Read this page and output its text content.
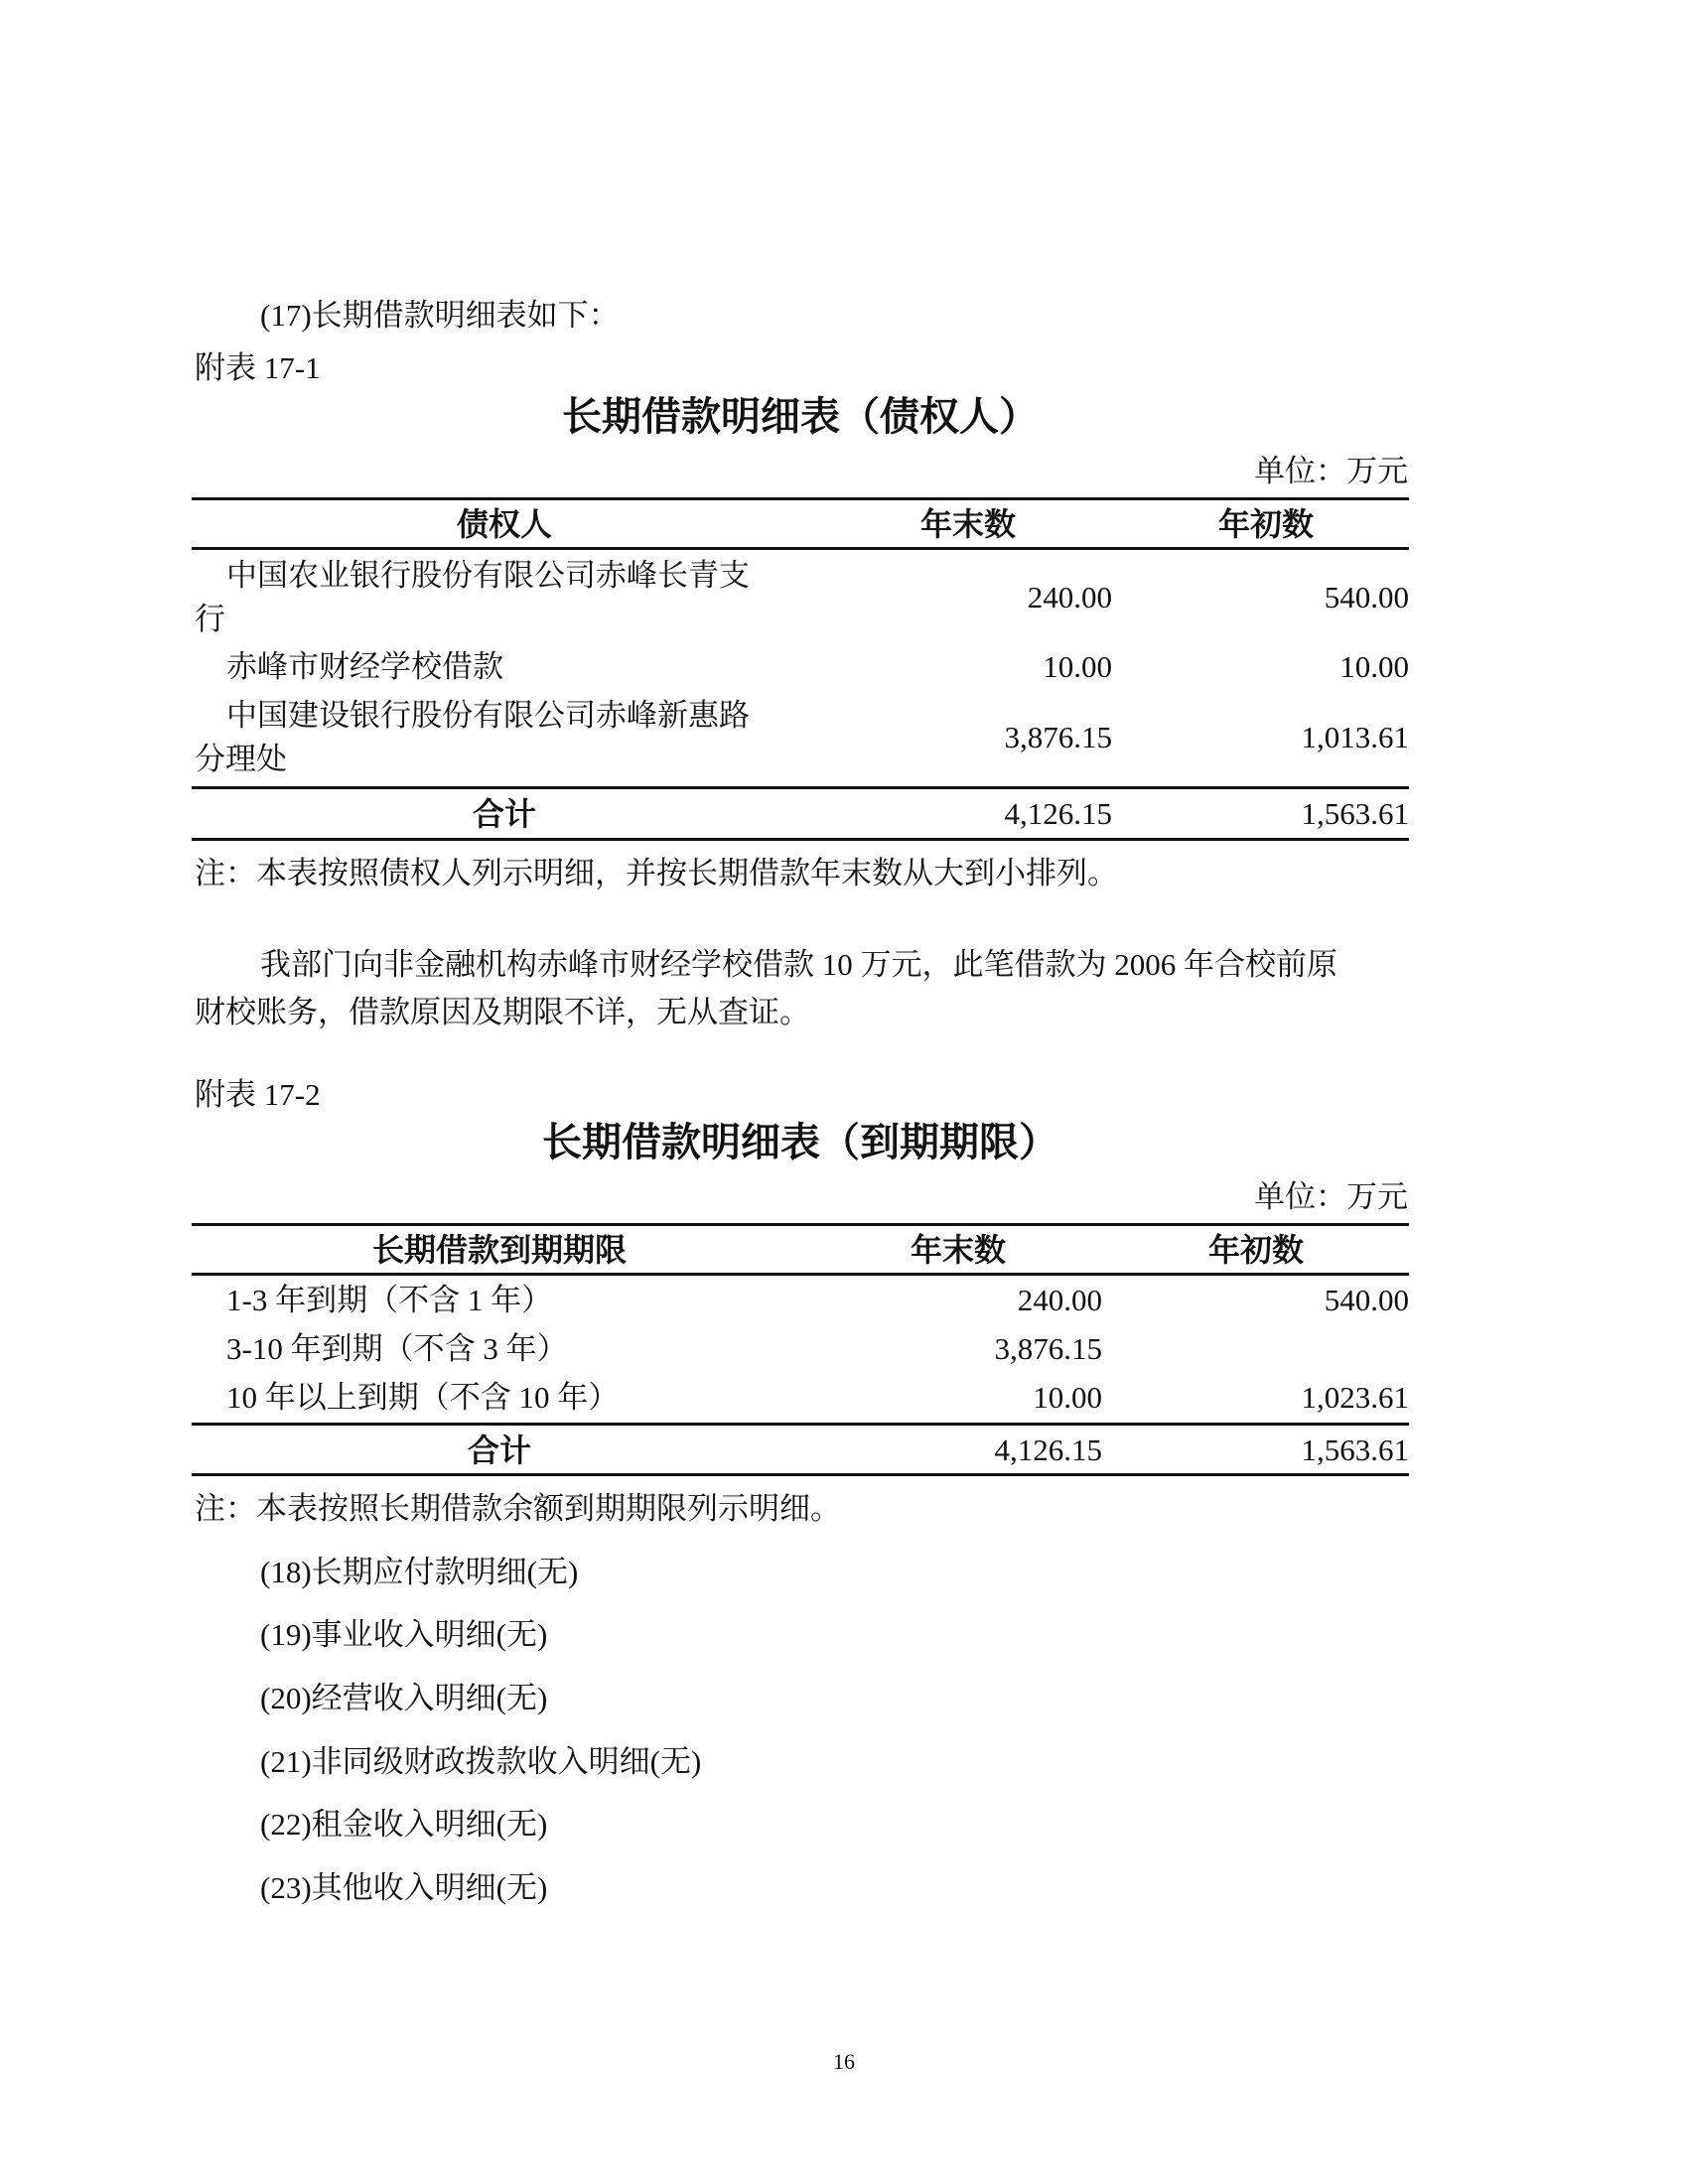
(17)长期借款明细表如下：
附表 17-1
长期借款明细表（债权人）
单位：万元
债权人	年末数	年初数
中国农业银行股份有限公司赤峰长青支
行
240.00	540.00
赤峰市财经学校借款	10.00	10.00
中国建设银行股份有限公司赤峰新惠路
分理处
3,876.15	1,013.61
合计	4,126.15	1,563.61
注：本表按照债权人列示明细，并按长期借款年末数从大到小排列。
我部门向非金融机构赤峰市财经学校借款 10 万元，此笔借款为 2006 年合校前原
财校账务，借款原因及期限不详，无从查证。
附表 17-2
长期借款明细表（到期期限）
单位：万元
长期借款到期期限	年末数	年初数
1-3 年到期（不含 1 年）	240.00	540.00
3-10 年到期（不含 3 年）	3,876.15
10 年以上到期（不含 10 年）	10.00	1,023.61
合计	4,126.15	1,563.61
注：本表按照长期借款余额到期期限列示明细。
(18)长期应付款明细(无)
(19)事业收入明细(无)
(20)经营收入明细(无)
(21)非同级财政拨款收入明细(无)
(22)租金收入明细(无)
(23)其他收入明细(无)
16
